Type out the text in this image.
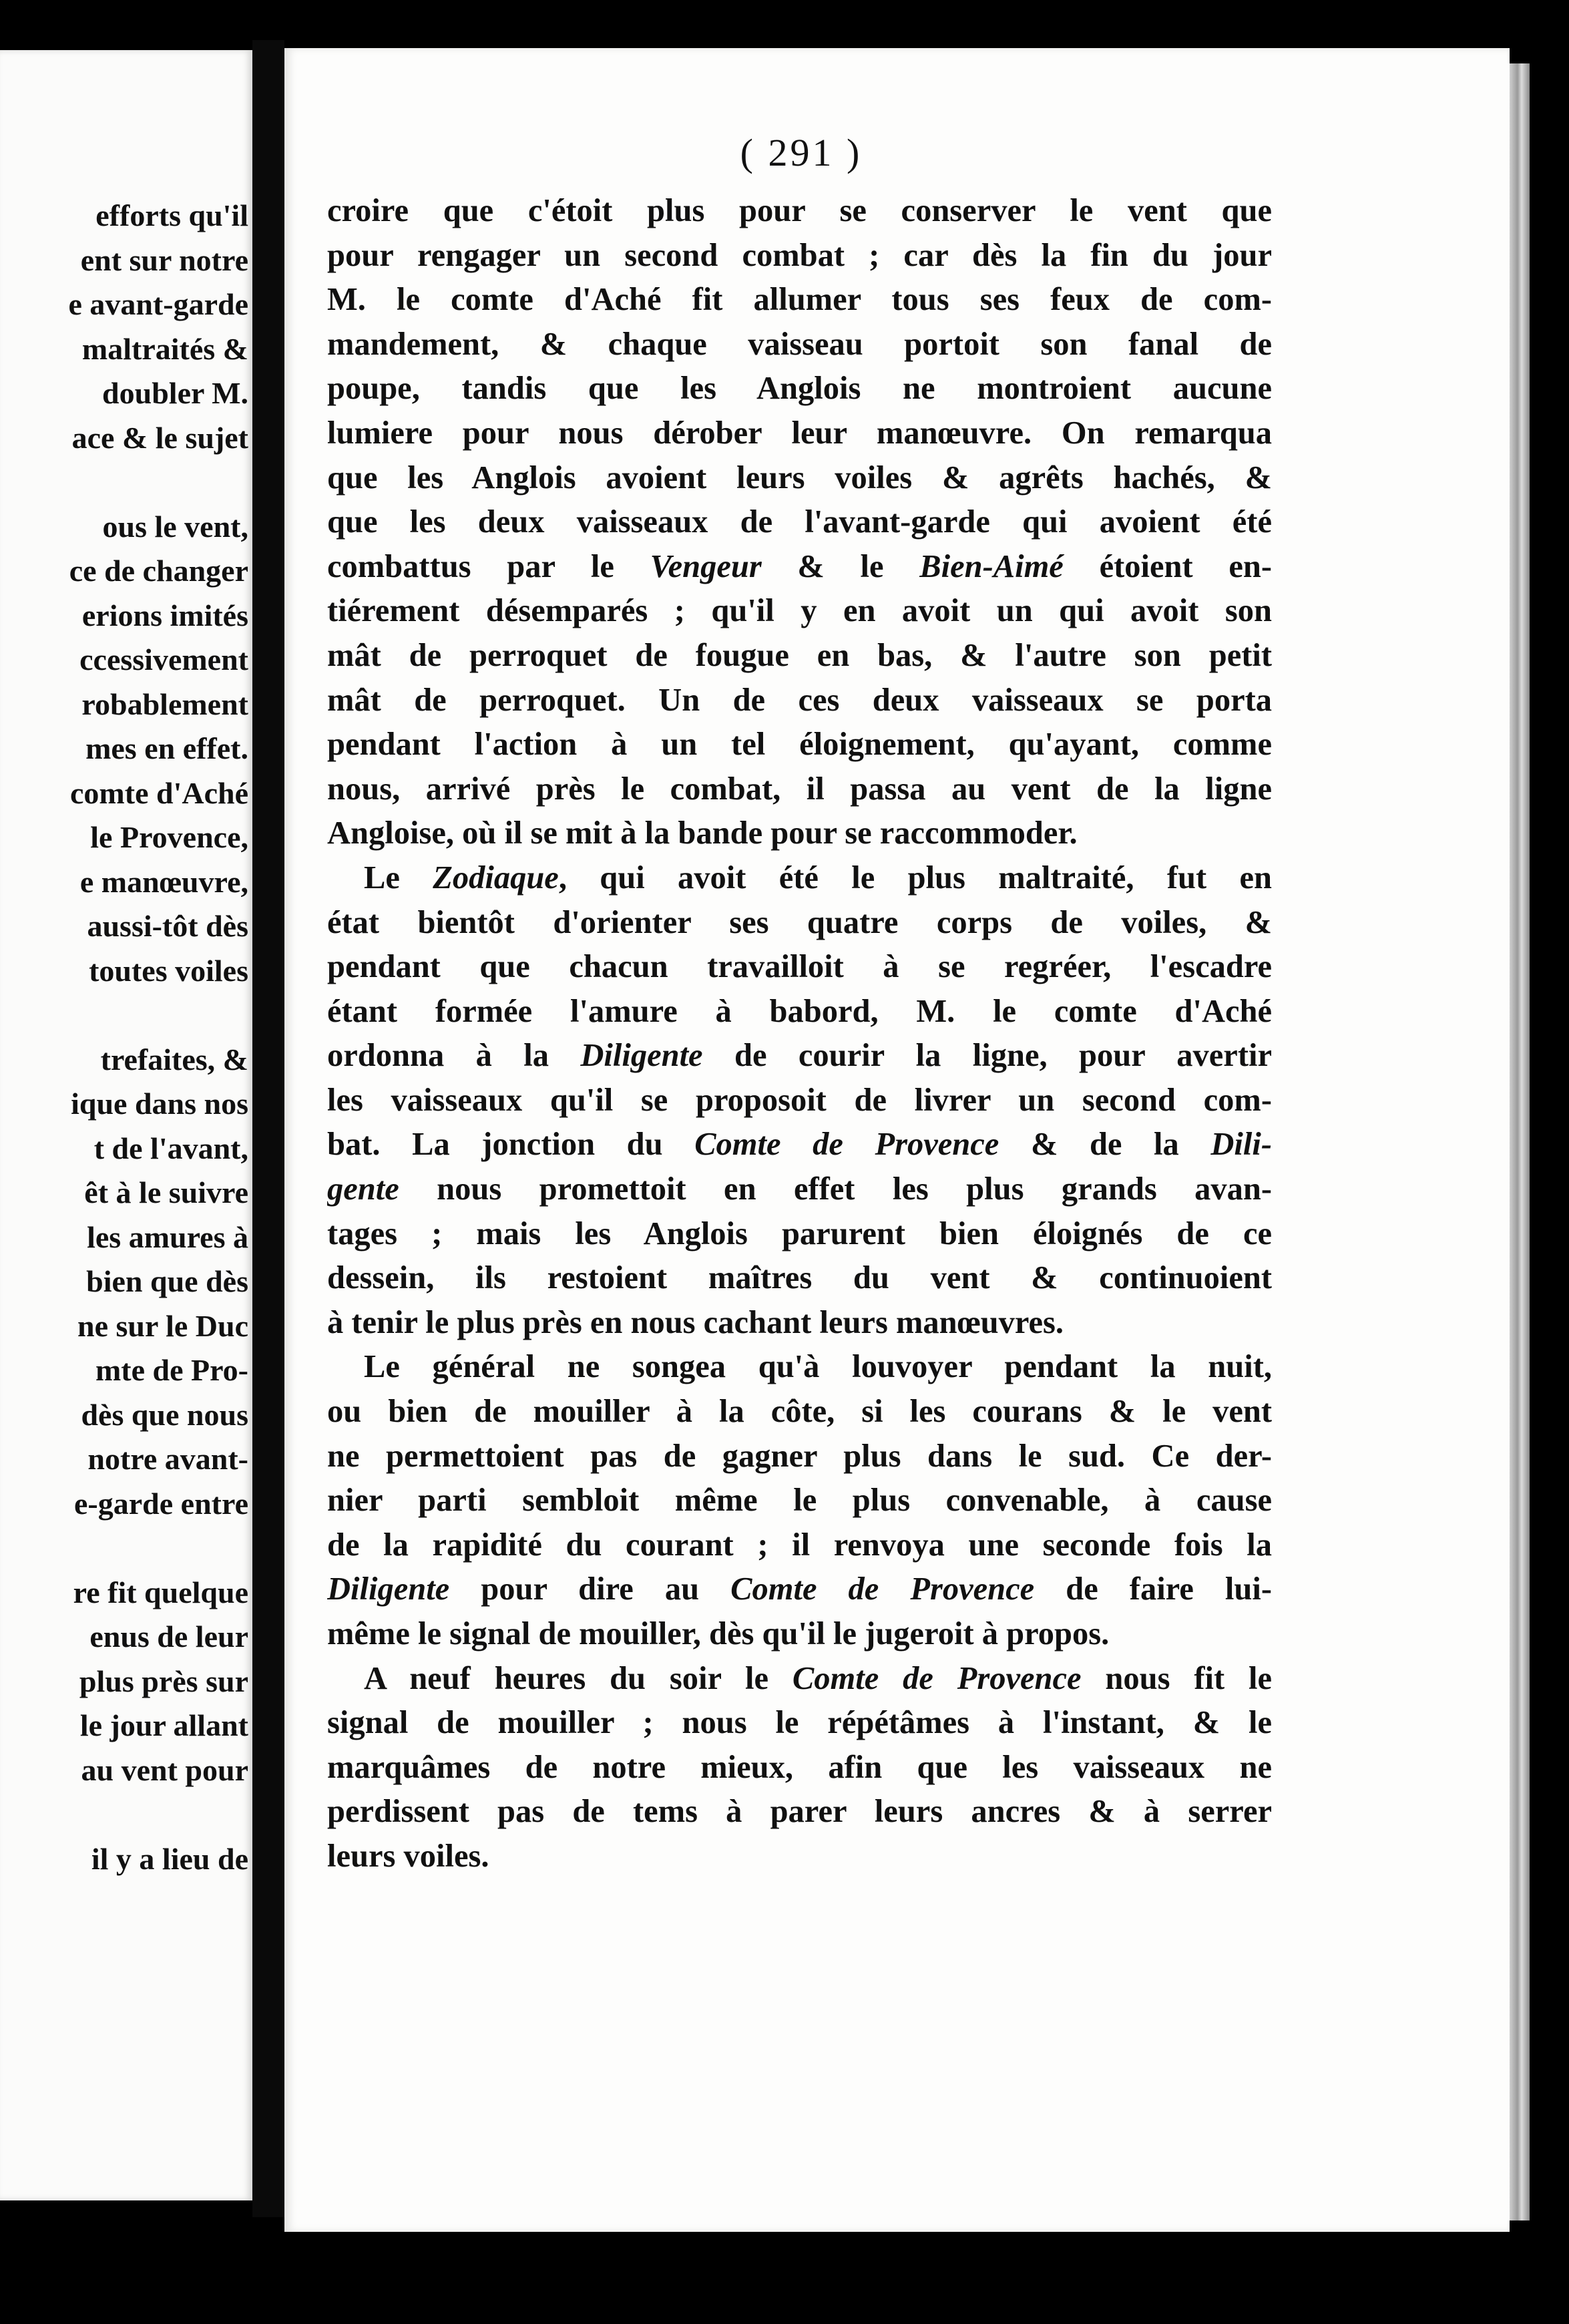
efforts qu'il
ent sur notre
e avant-garde
maltraités &
doubler M.
ace & le sujet
ous le vent,
ce de changer
erions imités
ccessivement
robablement
mes en effet.
comte d'Aché
le Provence,
e manœuvre,
aussi-tôt dès
toutes voiles
trefaites, &
ique dans nos
t de l'avant,
êt à le suivre
les amures à
bien que dès
ne sur le Duc
mte de Pro-
dès que nous
notre avant-
e-garde entre
re fit quelque
enus de leur
plus près sur
le jour allant
au vent pour
il y a lieu de
( 291 )
croire que c'étoit plus pour se conserver le vent que
pour rengager un second combat ; car dès la fin du jour
M. le comte d'Aché fit allumer tous ses feux de com-
mandement, & chaque vaisseau portoit son fanal de
poupe, tandis que les Anglois ne montroient aucune
lumiere pour nous dérober leur manœuvre. On remarqua
que les Anglois avoient leurs voiles & agrêts hachés, &
que les deux vaisseaux de l'avant-garde qui avoient été
combattus par le Vengeur & le Bien-Aimé étoient en-
tiérement désemparés ; qu'il y en avoit un qui avoit son
mât de perroquet de fougue en bas, & l'autre son petit
mât de perroquet. Un de ces deux vaisseaux se porta
pendant l'action à un tel éloignement, qu'ayant, comme
nous, arrivé près le combat, il passa au vent de la ligne
Angloise, où il se mit à la bande pour se raccommoder.
Le Zodiaque, qui avoit été le plus maltraité, fut en
état bientôt d'orienter ses quatre corps de voiles, &
pendant que chacun travailloit à se regréer, l'escadre
étant formée l'amure à babord, M. le comte d'Aché
ordonna à la Diligente de courir la ligne, pour avertir
les vaisseaux qu'il se proposoit de livrer un second com-
bat. La jonction du Comte de Provence & de la Dili-
gente nous promettoit en effet les plus grands avan-
tages ; mais les Anglois parurent bien éloignés de ce
dessein, ils restoient maîtres du vent & continuoient
à tenir le plus près en nous cachant leurs manœuvres.
Le général ne songea qu'à louvoyer pendant la nuit,
ou bien de mouiller à la côte, si les courans & le vent
ne permettoient pas de gagner plus dans le sud. Ce der-
nier parti sembloit même le plus convenable, à cause
de la rapidité du courant ; il renvoya une seconde fois la
Diligente pour dire au Comte de Provence de faire lui-
même le signal de mouiller, dès qu'il le jugeroit à propos.
A neuf heures du soir le Comte de Provence nous fit le
signal de mouiller ; nous le répétâmes à l'instant, & le
marquâmes de notre mieux, afin que les vaisseaux ne
perdissent pas de tems à parer leurs ancres & à serrer
leurs voiles.
